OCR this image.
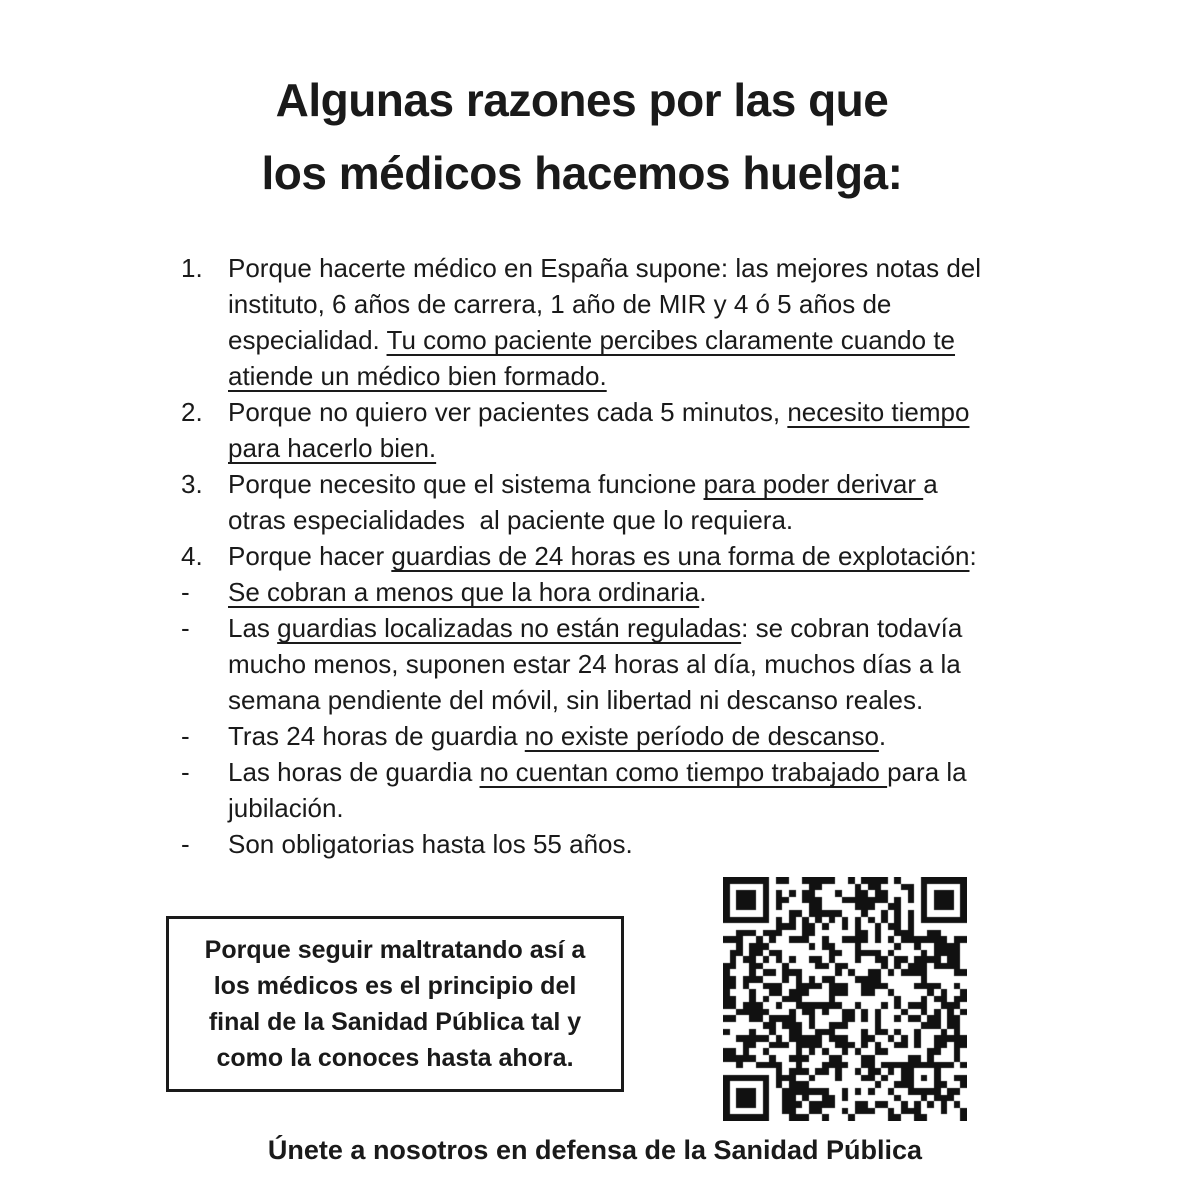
Algunas razones por las que
los médicos hacemos huelga:
1. Porque hacerte médico en España supone: las mejores notas del
instituto, 6 años de carrera, 1 año de MIR y 4 ó 5 años de
especialidad. Tu como paciente percibes claramente cuando te
atiende un médico bien formado.
2. Porque no quiero ver pacientes cada 5 minutos, necesito tiempo
para hacerlo bien.
3. Porque necesito que el sistema funcione para poder derivar a
otras especialidades  al paciente que lo requiera.
4. Porque hacer guardias de 24 horas es una forma de explotación:
-	Se cobran a menos que la hora ordinaria.
-	Las guardias localizadas no están reguladas: se cobran todavía
mucho menos, suponen estar 24 horas al día, muchos días a la
semana pendiente del móvil, sin libertad ni descanso reales.
-	Tras 24 horas de guardia no existe período de descanso.
-	Las horas de guardia no cuentan como tiempo trabajado para la
jubilación.
-	Son obligatorias hasta los 55 años.
Porque seguir maltratando así a
los médicos es el principio del
final de la Sanidad Pública tal y
como la conoces hasta ahora.
Únete a nosotros en defensa de la Sanidad Pública
